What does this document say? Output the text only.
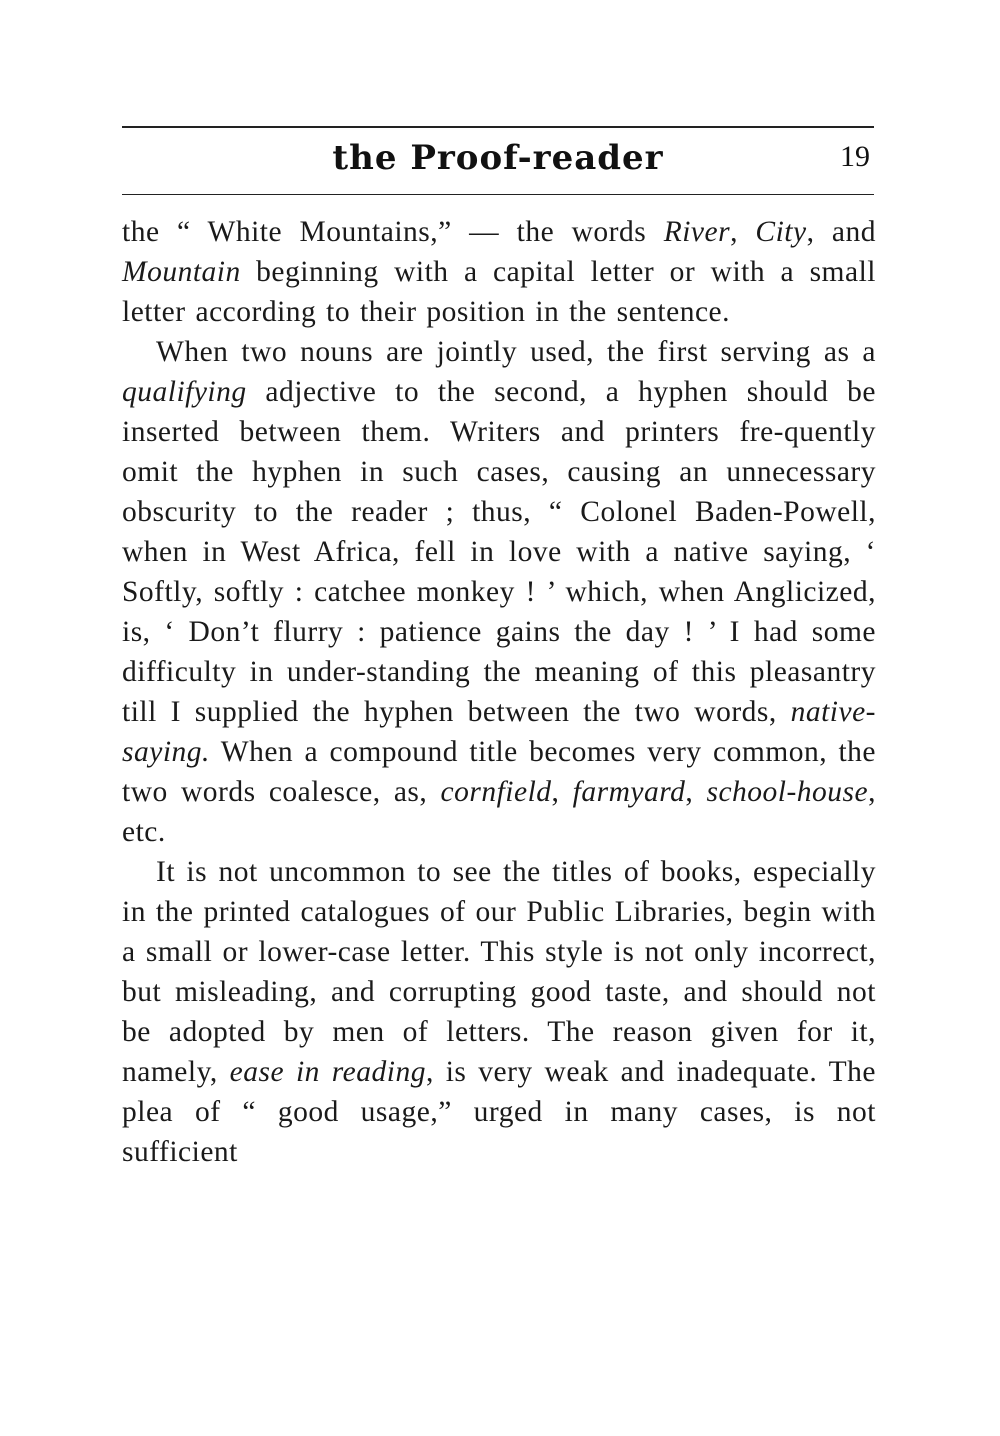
the Proof-reader	19

the “ White Mountains,” — the words River, City, and Mountain beginning with a capital letter or with a small letter according to their position in the sentence.

When two nouns are jointly used, the first serving as a qualifying adjective to the second, a hyphen should be inserted between them. Writers and printers fre-quently omit the hyphen in such cases, causing an unnecessary obscurity to the reader ; thus, “ Colonel Baden-Powell, when in West Africa, fell in love with a native saying, ‘ Softly, softly : catchee monkey ! ’ which, when Anglicized, is, ‘ Don’t flurry : patience gains the day ! ’ I had some difficulty in under-standing the meaning of this pleasantry till I supplied the hyphen between the two words, native-saying. When a compound title becomes very common, the two words coalesce, as, cornfield, farmyard, school-house, etc.

It is not uncommon to see the titles of books, especially in the printed catalogues of our Public Libraries, begin with a small or lower-case letter. This style is not only incorrect, but misleading, and corrupting good taste, and should not be adopted by men of letters. The reason given for it, namely, ease in reading, is very weak and inadequate. The plea of “ good usage,” urged in many cases, is not sufficient
